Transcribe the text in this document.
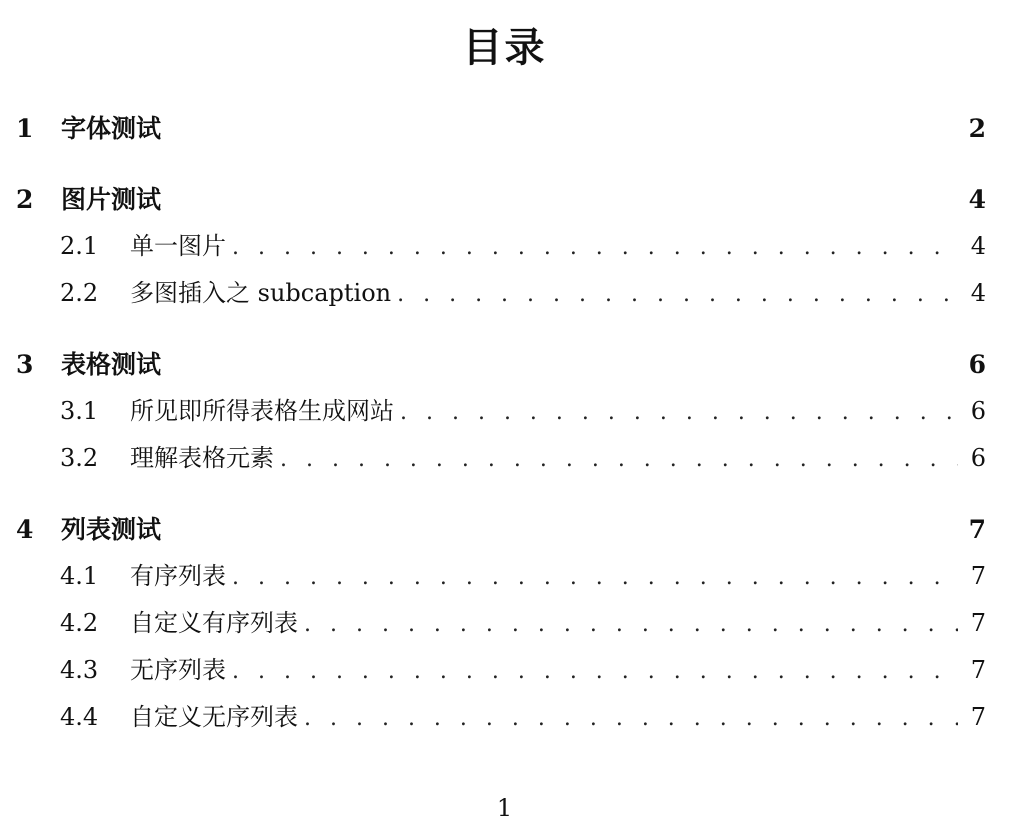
目录
1	字体测试	2
2	图片测试	4
2.1	单一图片 . . .	4
2.2	多图插入之 subcaption . . .	4
3	表格测试	6
3.1	所见即所得表格生成网站 . . .	6
3.2	理解表格元素 . . .	6
4	列表测试	7
4.1	有序列表 . . .	7
4.2	自定义有序列表 . . .	7
4.3	无序列表 . . .	7
4.4	自定义无序列表 . . .	7
1
